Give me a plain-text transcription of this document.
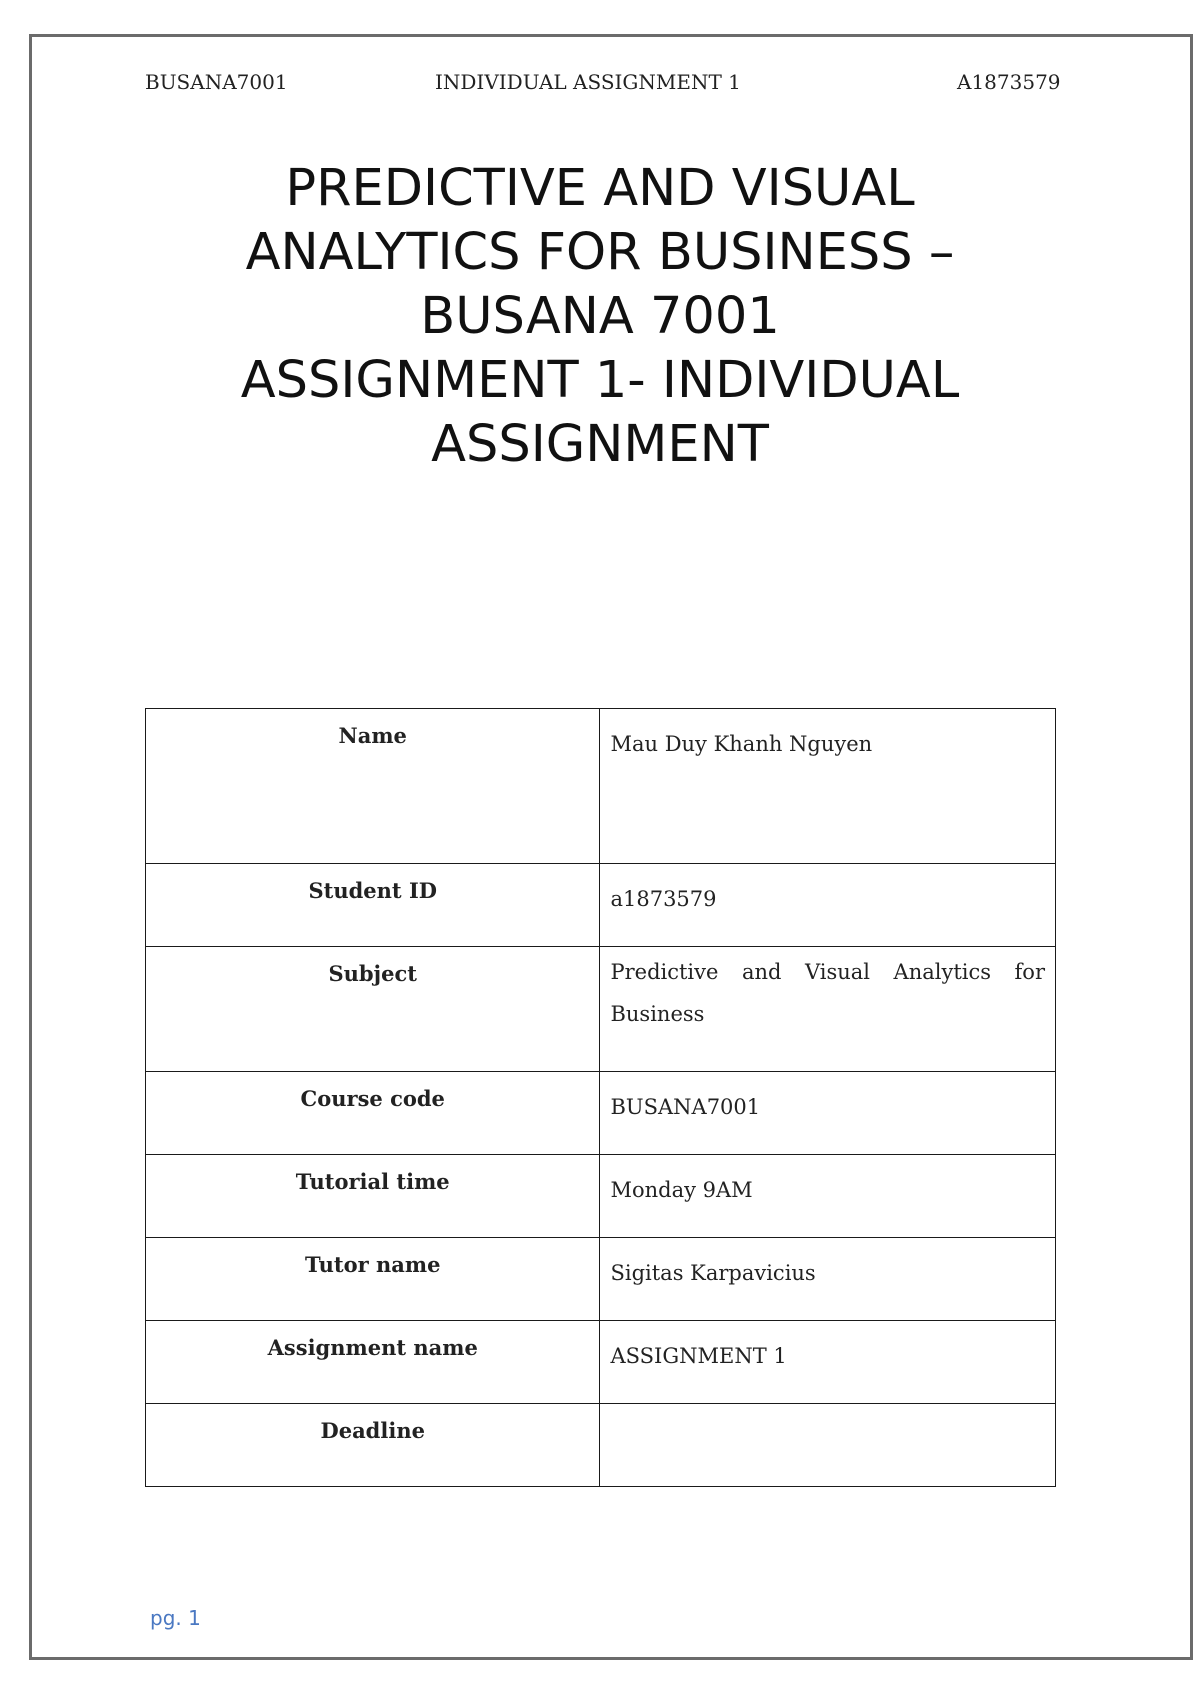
BUSANA7001	INDIVIDUAL ASSIGNMENT 1	A1873579
PREDICTIVE AND VISUAL
ANALYTICS FOR BUSINESS –
BUSANA 7001
ASSIGNMENT 1- INDIVIDUAL
ASSIGNMENT
Name	Mau Duy Khanh Nguyen
Student ID	a1873579
Subject	Predictive and Visual Analytics for Business

Course code	BUSANA7001
Tutorial time	Monday 9AM
Tutor name	Sigitas Karpavicius
Assignment name	ASSIGNMENT 1
Deadline	
pg. 1
